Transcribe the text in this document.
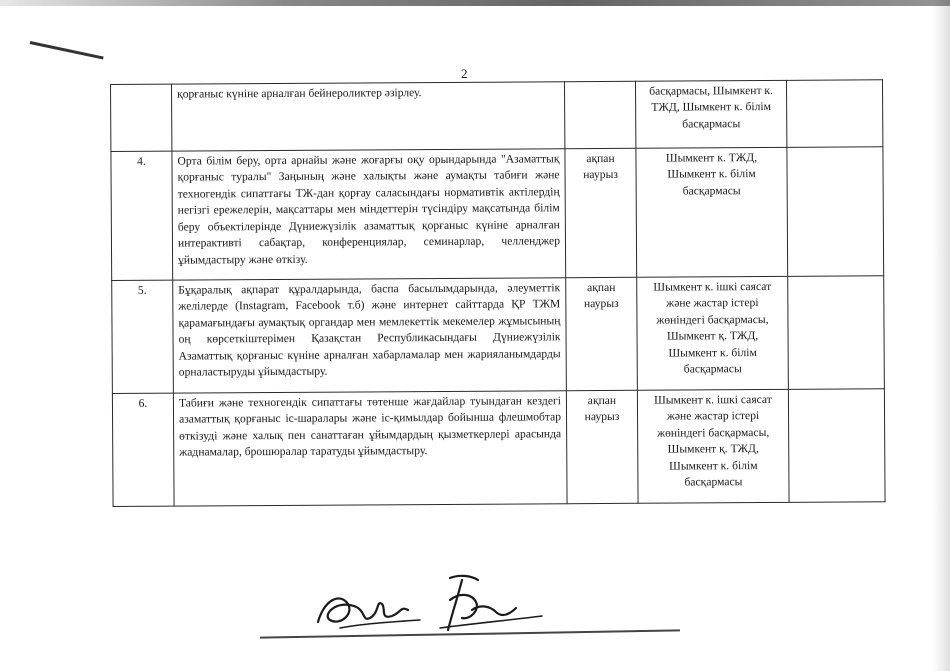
2
	қорғаныс күніне арналған бейнероликтер әзірлеу.		басқармасы, Шымкент к. ТЖД, Шымкент к. білім басқармасы	
4.	Орта білім беру, орта арнайы және жоғарғы оқу орындарында "Азаматтық қорғаныс туралы" Заңының және халықты және аумақты табиғи және техногендік сипаттағы ТЖ-дан қорғау саласындағы нормативтік актілердің негізгі ережелерін, мақсаттары мен міндеттерін түсіндіру мақсатында білім беру объектілерінде Дүниежүзілік азаматтық қорғаныс күніне арналған интерактивті сабақтар, конференциялар, семинарлар, челленджер ұйымдастыру және өткізу.	ақпан наурыз	Шымкент к. ТЖД, Шымкент к. білім басқармасы	
5.	Бұқаралық ақпарат құралдарында, баспа басылымдарында, әлеуметтік желілерде (Instagram, Facebook т.б) және интернет сайттарда ҚР ТЖМ қарамағындағы аумақтық органдар мен мемлекеттік мекемелер жұмысының оң көрсеткіштерімен Қазақстан Республикасындағы Дүниежүзілік Азаматтық қорғаныс күніне арналған хабарламалар мен жарияланымдарды орналастыруды ұйымдастыру.	ақпан наурыз	Шымкент к. ішкі саясат және жастар істері жөніндегі басқармасы, Шымкент қ. ТЖД, Шымкент к. білім басқармасы	
6.	Табиғи және техногендік сипаттағы төтенше жағдайлар туындаған кездегі азаматтық қорғаныс іс-шаралары және іс-қимылдар бойынша флешмобтар өткізуді және халық пен санаттаған ұйымдардың қызметкерлері арасында жаднамалар, брошюралар таратуды ұйымдастыру.	ақпан наурыз	Шымкент к. ішкі саясат және жастар істері жөніндегі басқармасы, Шымкент қ. ТЖД, Шымкент к. білім басқармасы	
